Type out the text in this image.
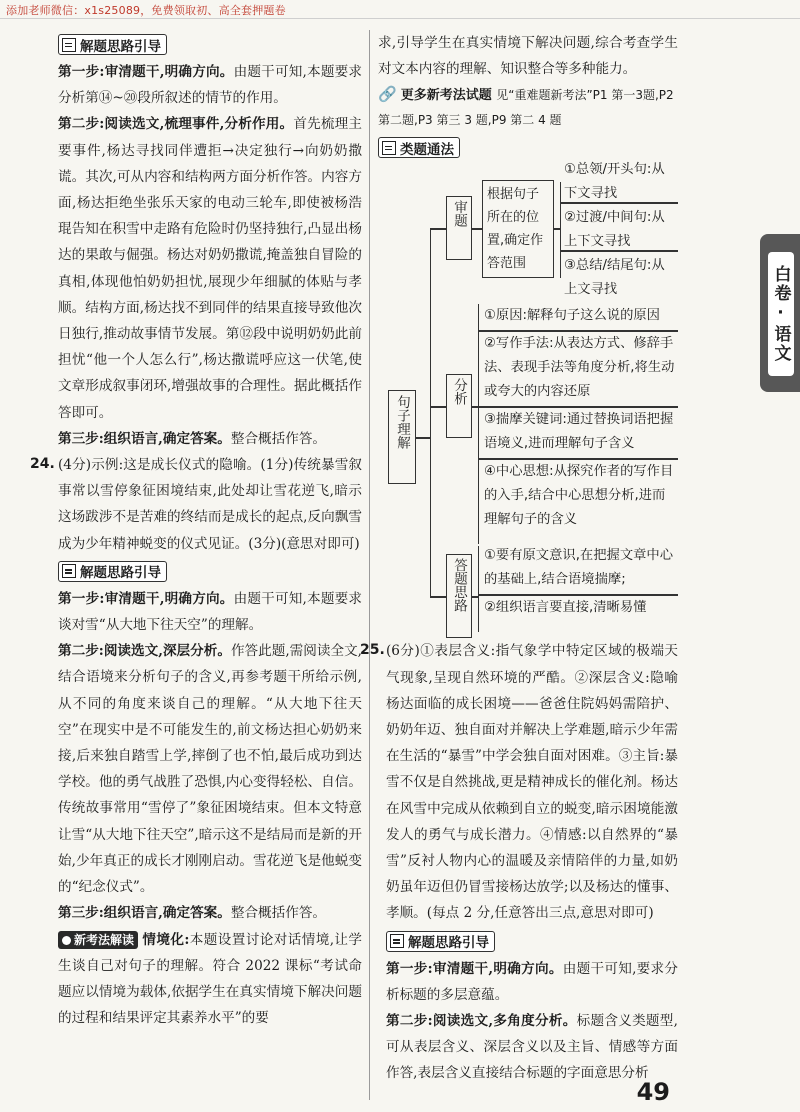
添加老师微信：x1s25089，免费领取初、高全套押题卷
解题思路引导

第一步:审清题干,明确方向。由题干可知,本题要求分析第⑭~⑳段所叙述的情节的作用。

第二步:阅读选文,梳理事件,分析作用。首先梳理主要事件,杨达寻找同伴遭拒→决定独行→向奶奶撒谎。其次,可从内容和结构两方面分析作答。内容方面,杨达拒绝坐张乐天家的电动三轮车,即使被杨浩琨告知在积雪中走路有危险时仍坚持独行,凸显出杨达的果敢与倔强。杨达对奶奶撒谎,掩盖独自冒险的真相,体现他怕奶奶担忧,展现少年细腻的体贴与孝顺。结构方面,杨达找不到同伴的结果直接导致他次日独行,推动故事情节发展。第⑫段中说明奶奶此前担忧“他一个人怎么行”,杨达撒谎呼应这一伏笔,使文章形成叙事闭环,增强故事的合理性。据此概括作答即可。

第三步:组织语言,确定答案。整合概括作答。

24. (4分)示例:这是成长仪式的隐喻。(1分)传统暴雪叙事常以雪停象征困境结束,此处却让雪花逆飞,暗示这场跋涉不是苦难的终结而是成长的起点,反向飘雪成为少年精神蜕变的仪式见证。(3分)(意思对即可)

解题思路引导

第一步:审清题干,明确方向。由题干可知,本题要求谈对雪“从大地下往天空”的理解。

第二步:阅读选文,深层分析。作答此题,需阅读全文,结合语境来分析句子的含义,再参考题干所给示例,从不同的角度来谈自己的理解。“从大地下往天空”在现实中是不可能发生的,前文杨达担心奶奶来接,后来独自踏雪上学,摔倒了也不怕,最后成功到达学校。他的勇气战胜了恐惧,内心变得轻松、自信。传统故事常用“雪停了”象征困境结束。但本文特意让雪“从大地下往天空”,暗示这不是结局而是新的开始,少年真正的成长才刚刚启动。雪花逆飞是他蜕变的“纪念仪式”。

第三步:组织语言,确定答案。整合概括作答。

新考法解读 情境化:本题设置讨论对话情境,让学生谈自己对句子的理解。符合 2022 课标“考试命题应以情境为载体,依据学生在真实情境下解决问题的过程和结果评定其素养水平”的要

求,引导学生在真实情境下解决问题,综合考查学生对文本内容的理解、知识整合等多种能力。

🔗 更多新考法试题 见“重难题新考法”P1 第一3题,P2 第二题,P3 第三 3 题,P9 第二 4 题

类题通法
句子理解
审题
根据句子所在的位置,确定作答范围
①总领/开头句:从下文寻找
②过渡/中间句:从上下文寻找
③总结/结尾句:从上文寻找
分析
①原因:解释句子这么说的原因
②写作手法:从表达方式、修辞手法、表现手法等角度分析,将生动或夸大的内容还原
③揣摩关键词:通过替换词语把握语境义,进而理解句子含义
④中心思想:从探究作者的写作目的入手,结合中心思想分析,进而理解句子的含义
答题思路
①要有原文意识,在把握文章中心的基础上,结合语境揣摩;
②组织语言要直接,清晰易懂
25. (6分)①表层含义:指气象学中特定区域的极端天气现象,呈现自然环境的严酷。②深层含义:隐喻杨达面临的成长困境——爸爸住院妈妈需陪护、奶奶年迈、独自面对并解决上学难题,暗示少年需在生活的“暴雪”中学会独自面对困难。③主旨:暴雪不仅是自然挑战,更是精神成长的催化剂。杨达在风雪中完成从依赖到自立的蜕变,暗示困境能激发人的勇气与成长潜力。④情感:以自然界的“暴雪”反衬人物内心的温暖及亲情陪伴的力量,如奶奶虽年迈但仍冒雪接杨达放学;以及杨达的懂事、孝顺。(每点 2 分,任意答出三点,意思对即可)

解题思路引导

第一步:审清题干,明确方向。由题干可知,要求分析标题的多层意蕴。

第二步:阅读选文,多角度分析。标题含义类题型,可从表层含义、深层含义以及主旨、情感等方面作答,表层含义直接结合标题的字面意思分析

白卷·语文
49
